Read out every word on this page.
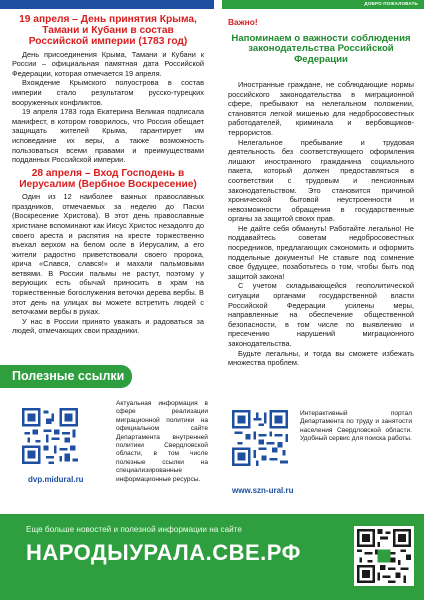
ДОБРО ПОЖАЛОВАТЬ
19 апреля – День принятия Крыма, Тамани и Кубани в состав Российской империи (1783 год)

День присоединения Крыма, Тамани и Кубани к России – официальная памятная дата Российской Федерации, которая отмечается 19 апреля.

Вхождение Крымского полуострова в состав империи стало результатом русско-турецких вооруженных конфликтов.

19 апреля 1783 года Екатерина Великая подписала манифест, в котором говорилось, что Россия обещает защищать жителей Крыма, гарантирует им исповедание их веры, а также возможность пользоваться всеми правами и преимуществами подданных Российской империи.

28 апреля – Вход Господень в Иерусалим (Вербное Воскресение)

Один из 12 наиболее важных православных праздников, отмечаемых за неделю до Пасхи (Воскресение Христова). В этот день православные христиане вспоминают как Иисус Христос незадолго до своего ареста и распятия на кресте торжественно въехал верхом на белом осле в Иерусалим, а его жители радостно приветствовали своего пророка, крича «Слався, слався!» и махали пальмовыми ветвями. В России пальмы не растут, поэтому у верующих есть обычай приносить в храм на торжественные богослужения веточки дерева вербы. В этот день на улицах вы можете встретить людей с веточками вербы в руках.

У нас в России принято уважать и радоваться за людей, отмечающих свои праздники.

Важно!
Напоминаем о важности соблюдения законодательства Российской Федерации

Иностранные граждане, не соблюдающие нормы российского законодательства в миграционной сфере, пребывают на нелегальном положении, становятся легкой мишенью для недобросовестных работодателей, криминала и вербовщиков-террористов.

Нелегальное пребывание и трудовая деятельность без соответствующего оформления лишают иностранного гражданина социального пакета, который должен предоставляться в соответствии с трудовым и пенсионным законодательством. Это становится причиной хронической бытовой неустроенности и невозможности обращения в государственные органы за защитой своих прав.

Не дайте себя обмануть! Работайте легально! Не поддавайтесь советам недобросовестных посредников, предлагающих сэкономить и оформить поддельные документы! Не ставьте под сомнение свое будущее, позаботьтесь о том, чтобы быть под защитой закона!

С учетом складывающейся геополитической ситуации органами государственной власти Российской Федерации усилены меры, направленные на обеспечение общественной безопасности, в том числе по выявлению и пресечению нарушений миграционного законодательства.

Будьте легальны, и тогда вы сможете избежать множества проблем.

Полезные ссылки
Актуальная информация в сфере реализации миграционной политики на официальном сайте Департамента внутренней политики Свердловской области, в том числе полезные ссылки на специализированные информационные ресурсы.
dvp.midural.ru
Интерактивный портал Департамента по труду и занятости населения Свердловской области. Удобный сервис для поиска работы.
www.szn-ural.ru
Еще больше новостей и полезной информации на сайте
НАРОДЫУРАЛА.СВЕ.РФ
